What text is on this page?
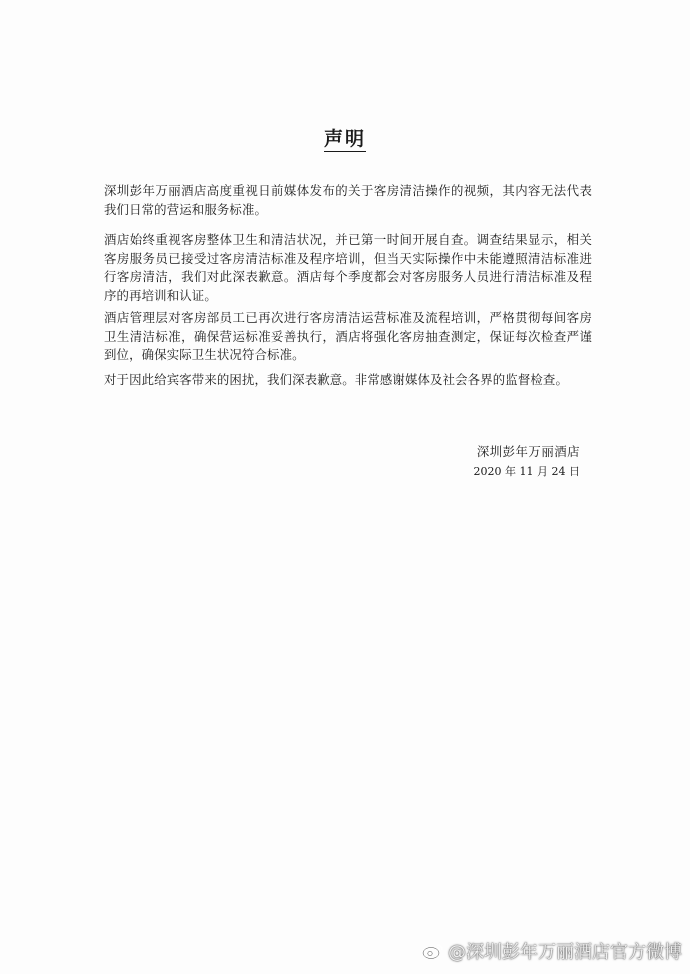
声明

深圳彭年万丽酒店高度重视日前媒体发布的关于客房清洁操作的视频，其内容无法代表我们日常的营运和服务标准。

酒店始终重视客房整体卫生和清洁状况，并已第一时间开展自查。调查结果显示，相关客房服务员已接受过客房清洁标准及程序培训，但当天实际操作中未能遵照清洁标准进行客房清洁，我们对此深表歉意。酒店每个季度都会对客房服务人员进行清洁标准及程序的再培训和认证。

酒店管理层对客房部员工已再次进行客房清洁运营标准及流程培训，严格贯彻每间客房卫生清洁标准，确保营运标准妥善执行，酒店将强化客房抽查测定，保证每次检查严谨到位，确保实际卫生状况符合标准。

对于因此给宾客带来的困扰，我们深表歉意。非常感谢媒体及社会各界的监督检查。

深圳彭年万丽酒店
2020 年 11 月 24 日
@深圳彭年万丽酒店官方微博
